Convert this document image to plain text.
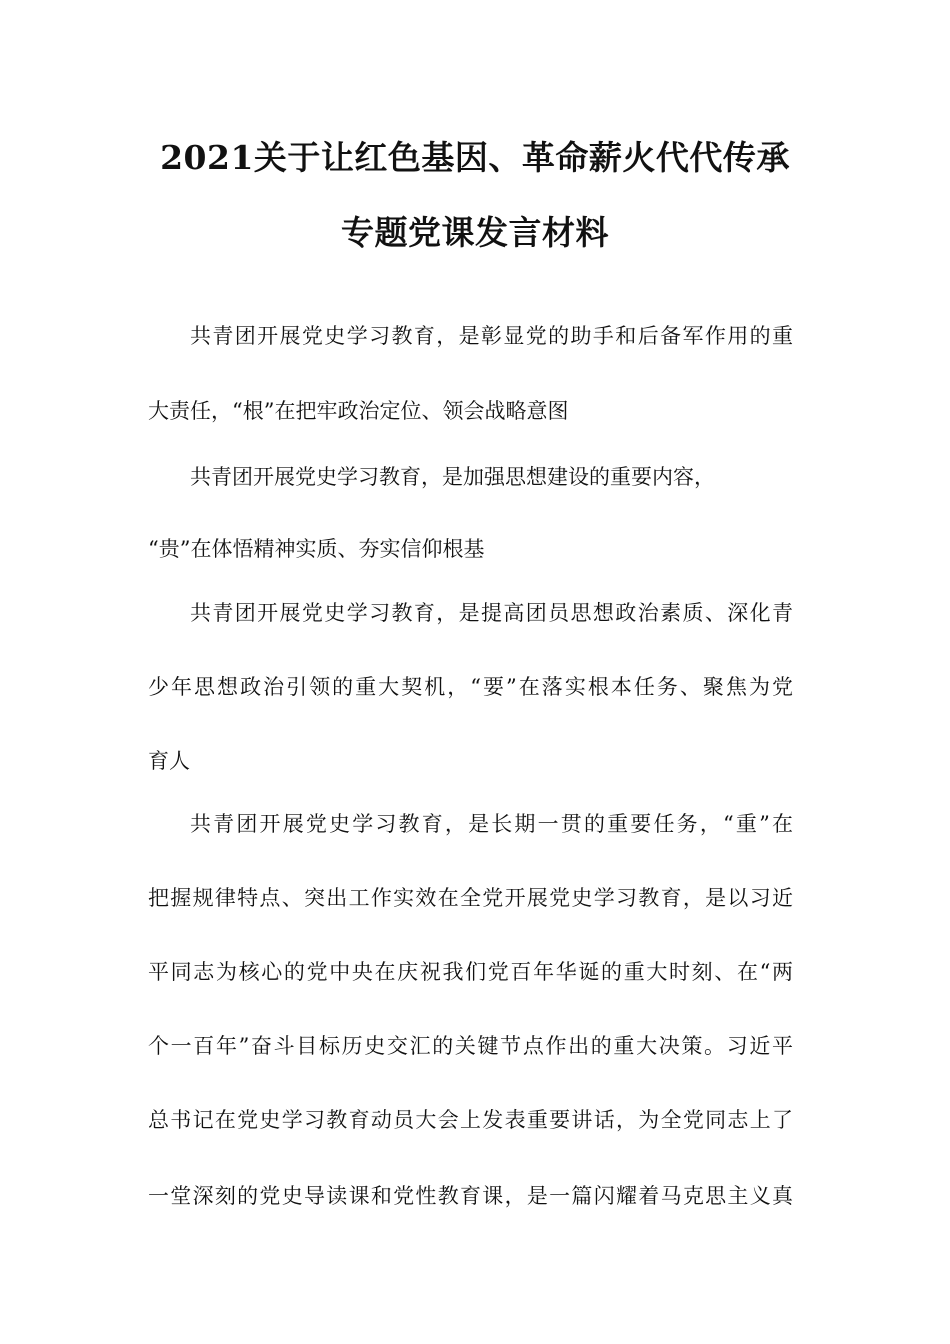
2021关于让红色基因、革命薪火代代传承
专题党课发言材料
共青团开展党史学习教育，是彰显党的助手和后备军作用的重
大责任，“根”在把牢政治定位、领会战略意图
共青团开展党史学习教育，是加强思想建设的重要内容，
“贵”在体悟精神实质、夯实信仰根基
共青团开展党史学习教育，是提高团员思想政治素质、深化青
少年思想政治引领的重大契机，“要”在落实根本任务、聚焦为党
育人
共青团开展党史学习教育，是长期一贯的重要任务，“重”在
把握规律特点、突出工作实效在全党开展党史学习教育，是以习近
平同志为核心的党中央在庆祝我们党百年华诞的重大时刻、在“两
个一百年”奋斗目标历史交汇的关键节点作出的重大决策。习近平
总书记在党史学习教育动员大会上发表重要讲话，为全党同志上了
一堂深刻的党史导读课和党性教育课，是一篇闪耀着马克思主义真
